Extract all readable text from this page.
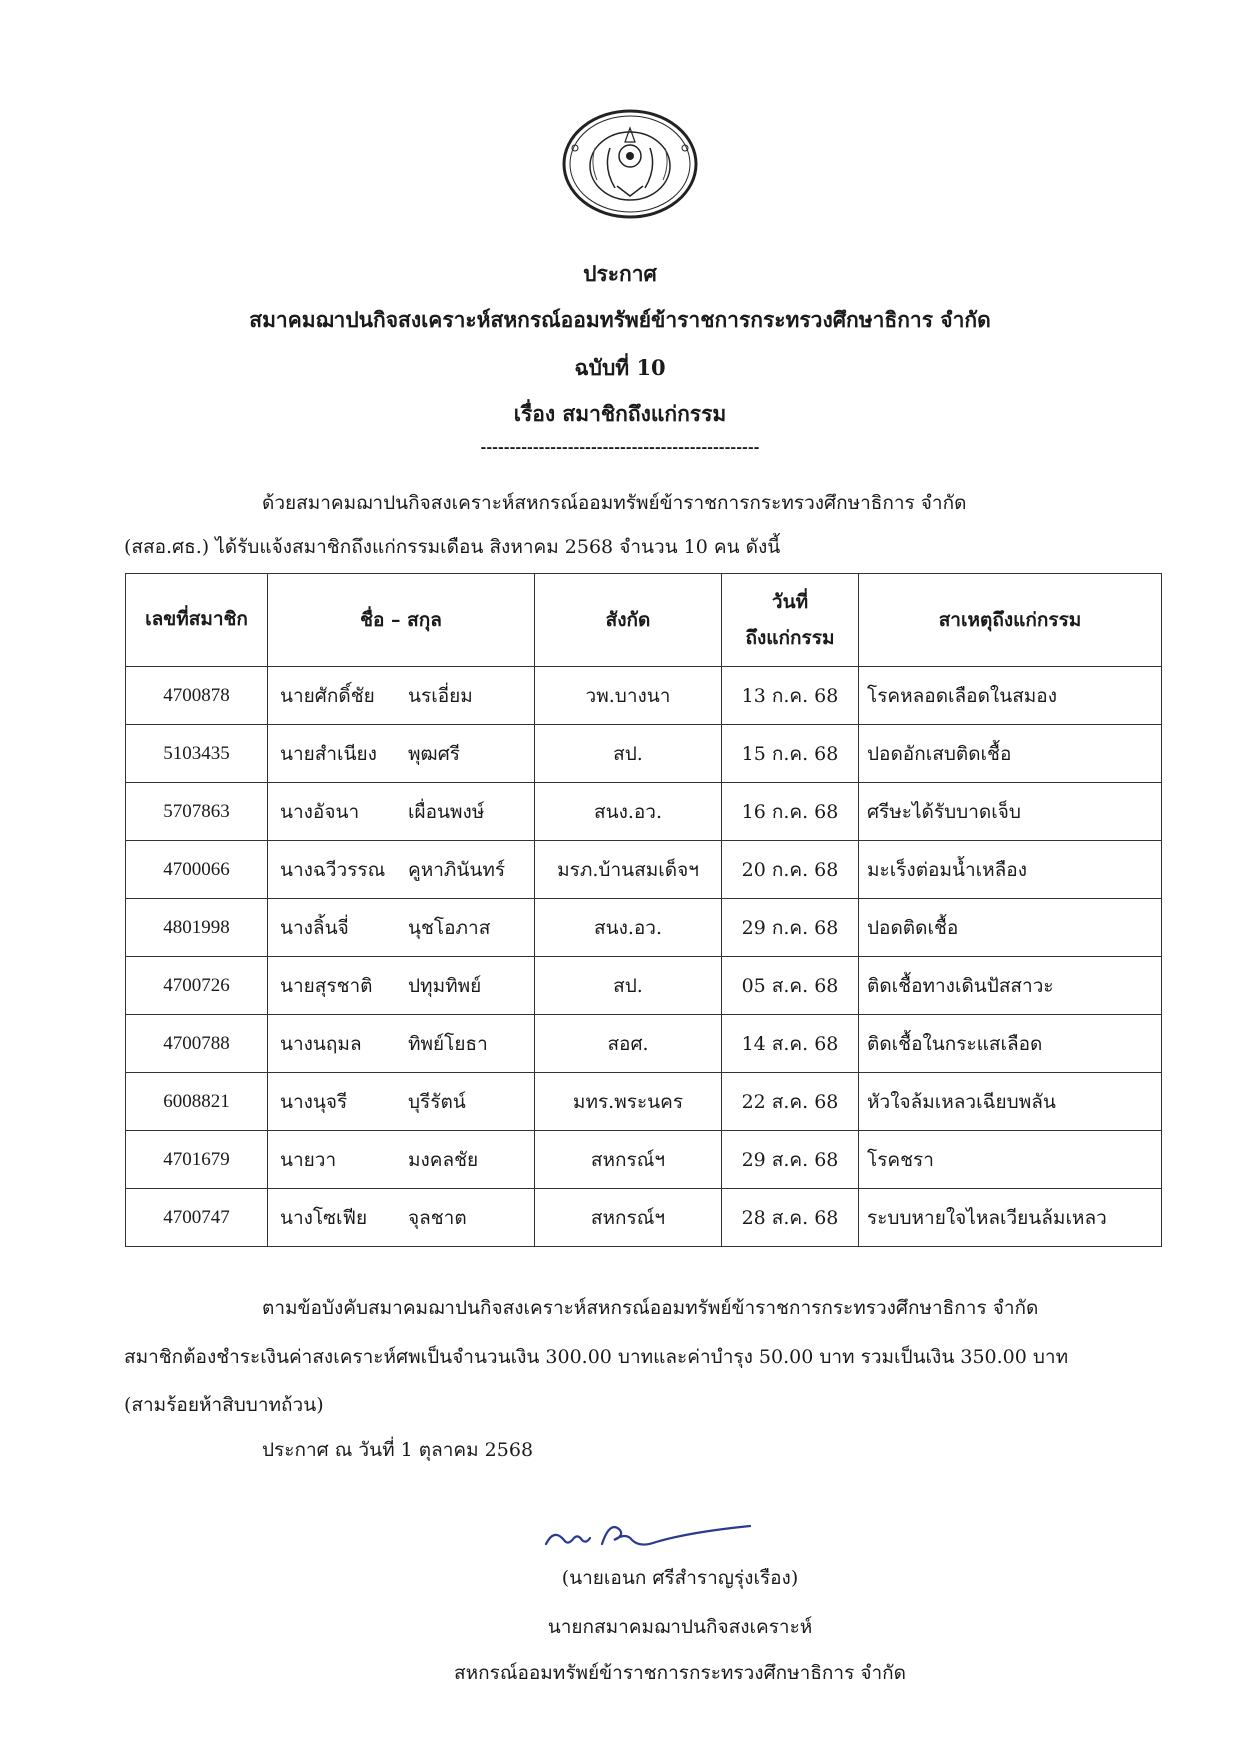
ประกาศ
สมาคมฌาปนกิจสงเคราะห์สหกรณ์ออมทรัพย์ข้าราชการกระทรวงศึกษาธิการ จำกัด
ฉบับที่ 10
เรื่อง สมาชิกถึงแก่กรรม
------------------------------------------------
ด้วยสมาคมฌาปนกิจสงเคราะห์สหกรณ์ออมทรัพย์ข้าราชการกระทรวงศึกษาธิการ จำกัด
(สสอ.ศธ.) ได้รับแจ้งสมาชิกถึงแก่กรรมเดือน สิงหาคม 2568 จำนวน 10 คน ดังนี้
เลขที่สมาชิก	ชื่อ – สกุล	สังกัด	วันที่
ถึงแก่กรรม	สาเหตุถึงแก่กรรม
4700878	นายศักดิ์ชัย นรเอี่ยม	วพ.บางนา	13 ก.ค. 68	โรคหลอดเลือดในสมอง
5103435	นายสำเนียง พุฒศรี	สป.	15 ก.ค. 68	ปอดอักเสบติดเชื้อ
5707863	นางอัจนา เผื่อนพงษ์	สนง.อว.	16 ก.ค. 68	ศรีษะได้รับบาดเจ็บ
4700066	นางฉวีวรรณ คูหาภินันทร์	มรภ.บ้านสมเด็จฯ	20 ก.ค. 68	มะเร็งต่อมน้ำเหลือง
4801998	นางลิ้นจี่ นุชโอภาส	สนง.อว.	29 ก.ค. 68	ปอดติดเชื้อ
4700726	นายสุรชาติ ปทุมทิพย์	สป.	05 ส.ค. 68	ติดเชื้อทางเดินปัสสาวะ
4700788	นางนฤมล ทิพย์โยธา	สอศ.	14 ส.ค. 68	ติดเชื้อในกระแสเลือด
6008821	นางนุจรี บุรีรัตน์	มทร.พระนคร	22 ส.ค. 68	หัวใจล้มเหลวเฉียบพลัน
4701679	นายวา มงคลชัย	สหกรณ์ฯ	29 ส.ค. 68	โรคชรา
4700747	นางโซเฟีย จุลชาต	สหกรณ์ฯ	28 ส.ค. 68	ระบบหายใจไหลเวียนล้มเหลว
ตามข้อบังคับสมาคมฌาปนกิจสงเคราะห์สหกรณ์ออมทรัพย์ข้าราชการกระทรวงศึกษาธิการ จำกัด
สมาชิกต้องชำระเงินค่าสงเคราะห์ศพเป็นจำนวนเงิน 300.00 บาทและค่าบำรุง 50.00 บาท รวมเป็นเงิน 350.00 บาท
(สามร้อยห้าสิบบาทถ้วน)
ประกาศ ณ วันที่ 1 ตุลาคม 2568
(นายเอนก ศรีสำราญรุ่งเรือง)
นายกสมาคมฌาปนกิจสงเคราะห์
สหกรณ์ออมทรัพย์ข้าราชการกระทรวงศึกษาธิการ จำกัด
